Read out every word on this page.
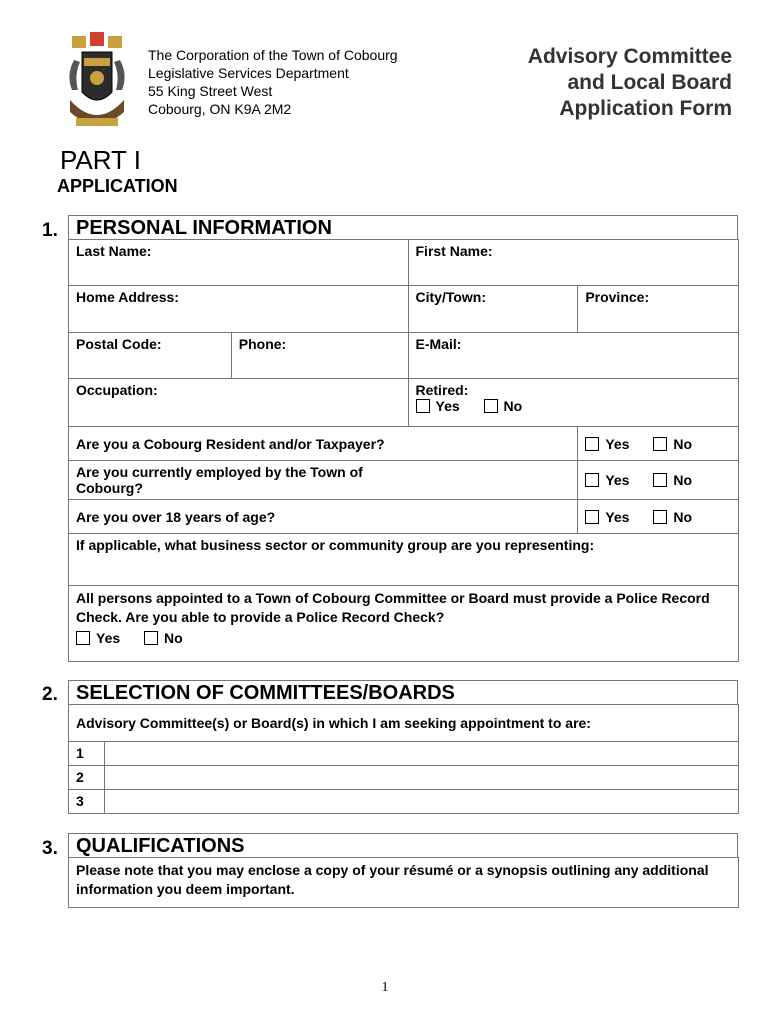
The Corporation of the Town of Cobourg
Legislative Services Department
55 King Street West
Cobourg, ON K9A 2M2
Advisory Committee
and Local Board
Application Form
PART I
APPLICATION
1. PERSONAL INFORMATION
Last Name:		First Name:	
Home Address:		City/Town:	Province:
Postal Code:	Phone:	E-Mail:	
Occupation:		Retired:
Yes No	
Are you a Cobourg Resident and/or Taxpayer?			Yes No

Are you currently employed by the Town of Cobourg?			Yes No
Are you over 18 years of age?			Yes No
If applicable, what business sector or community group are you representing:			

All persons appointed to a Town of Cobourg Committee or Board must provide a Police Record Check. Are you able to provide a Police Record Check?
Yes No			
2. SELECTION OF COMMITTEES/BOARDS
Advisory Committee(s) or Board(s) in which I am seeking appointment to are:	
1	
2	
3	
3. QUALIFICATIONS
Please note that you may enclose a copy of your résumé or a synopsis outlining any additional information you deem important.
1
